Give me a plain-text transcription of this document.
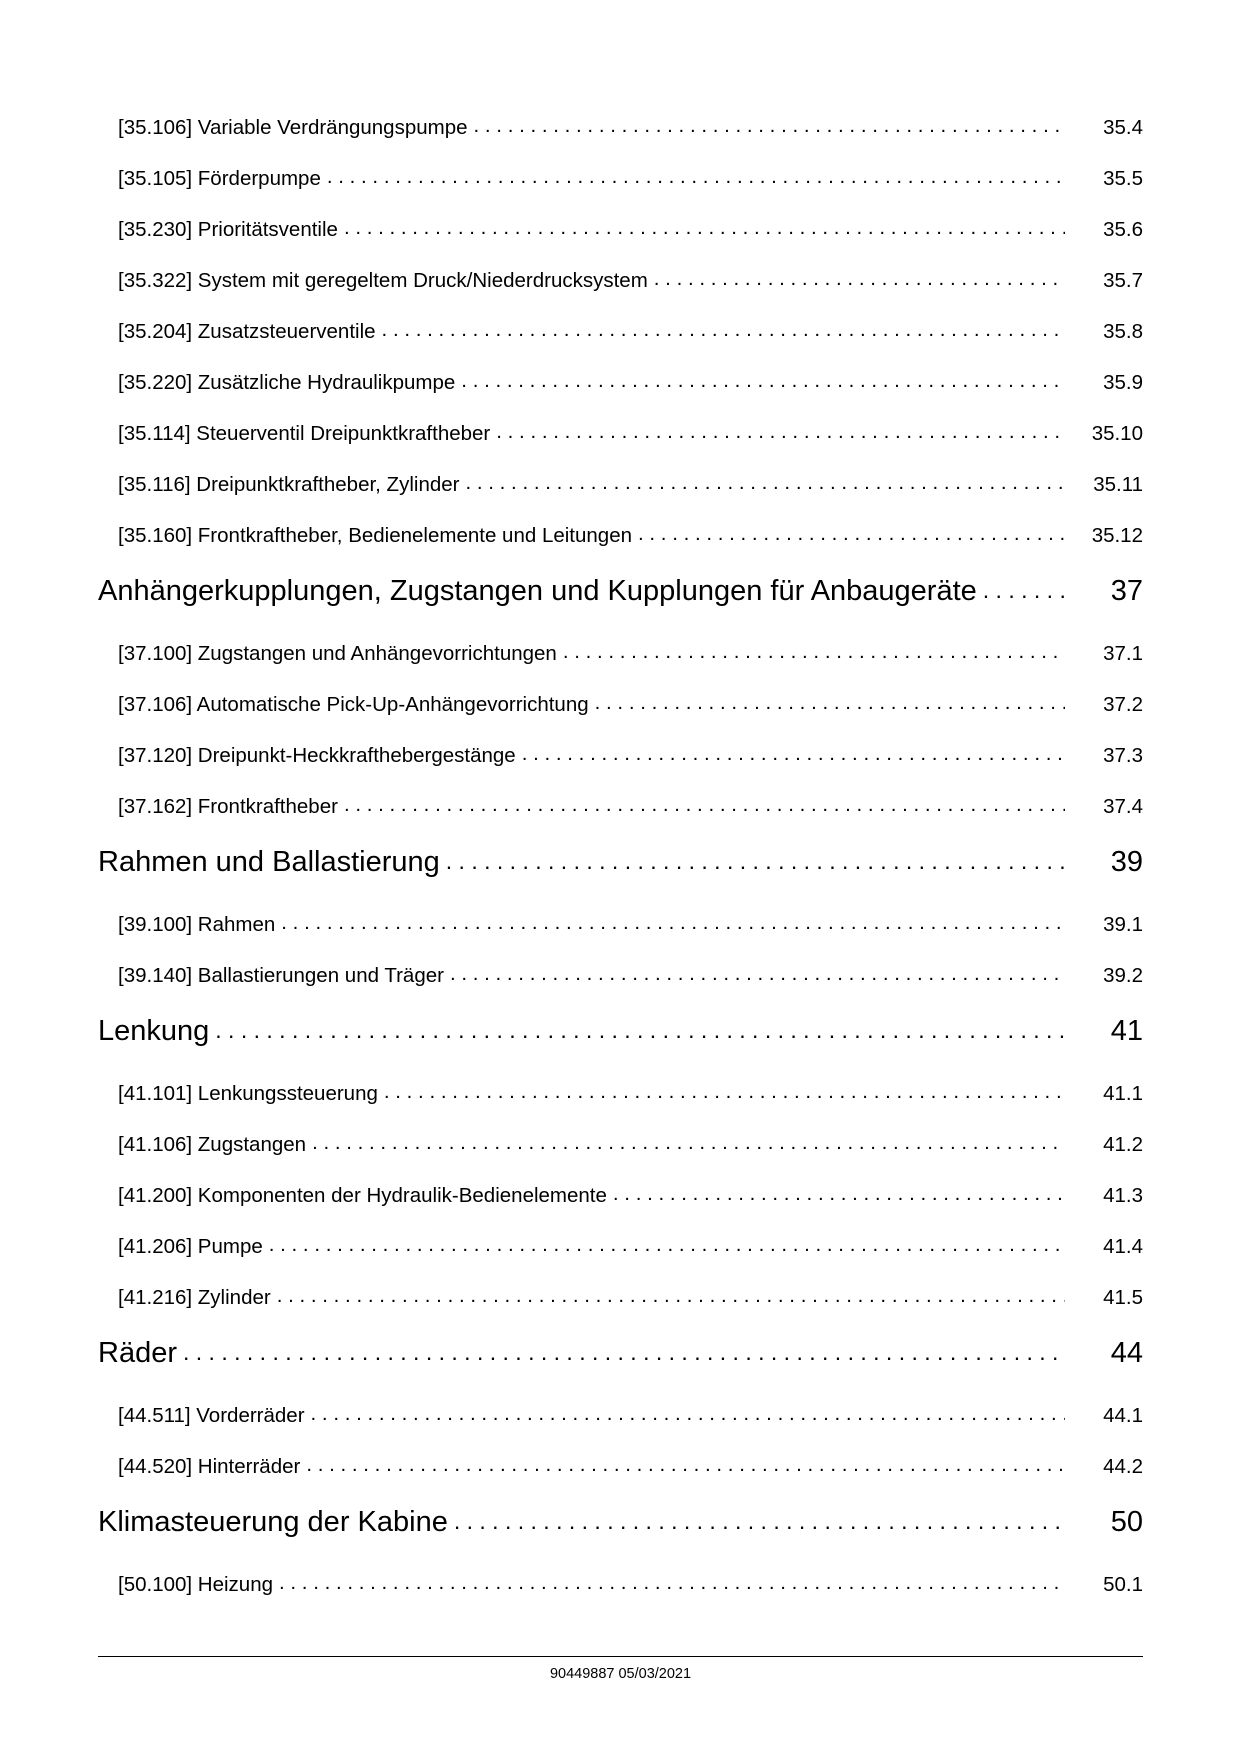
[35.106] Variable Verdrängungspumpe . . .	35.4
[35.105] Förderpumpe . . .	35.5
[35.230] Prioritätsventile . . .	35.6
[35.322] System mit geregeltem Druck/Niederdrucksystem . . .	35.7
[35.204] Zusatzsteuerventile . . .	35.8
[35.220] Zusätzliche Hydraulikpumpe . . .	35.9
[35.114] Steuerventil Dreipunktkraftheber . . .	35.10
[35.116] Dreipunktkraftheber, Zylinder . . .	35.11
[35.160] Frontkraftheber, Bedienelemente und Leitungen . . .	35.12
Anhängerkupplungen, Zugstangen und Kupplungen für Anbaugeräte . . .	37
[37.100] Zugstangen und Anhängevorrichtungen . . .	37.1
[37.106] Automatische Pick-Up-Anhängevorrichtung . . .	37.2
[37.120] Dreipunkt-Heckkrafthebergestänge . . .	37.3
[37.162] Frontkraftheber . . .	37.4
Rahmen und Ballastierung . . .	39
[39.100] Rahmen . . .	39.1
[39.140] Ballastierungen und Träger . . .	39.2
Lenkung . . .	41
[41.101] Lenkungssteuerung . . .	41.1
[41.106] Zugstangen . . .	41.2
[41.200] Komponenten der Hydraulik-Bedienelemente . . .	41.3
[41.206] Pumpe . . .	41.4
[41.216] Zylinder . . .	41.5
Räder . . .	44
[44.511] Vorderräder . . .	44.1
[44.520] Hinterräder . . .	44.2
Klimasteuerung der Kabine . . .	50
[50.100] Heizung . . .	50.1
90449887 05/03/2021
